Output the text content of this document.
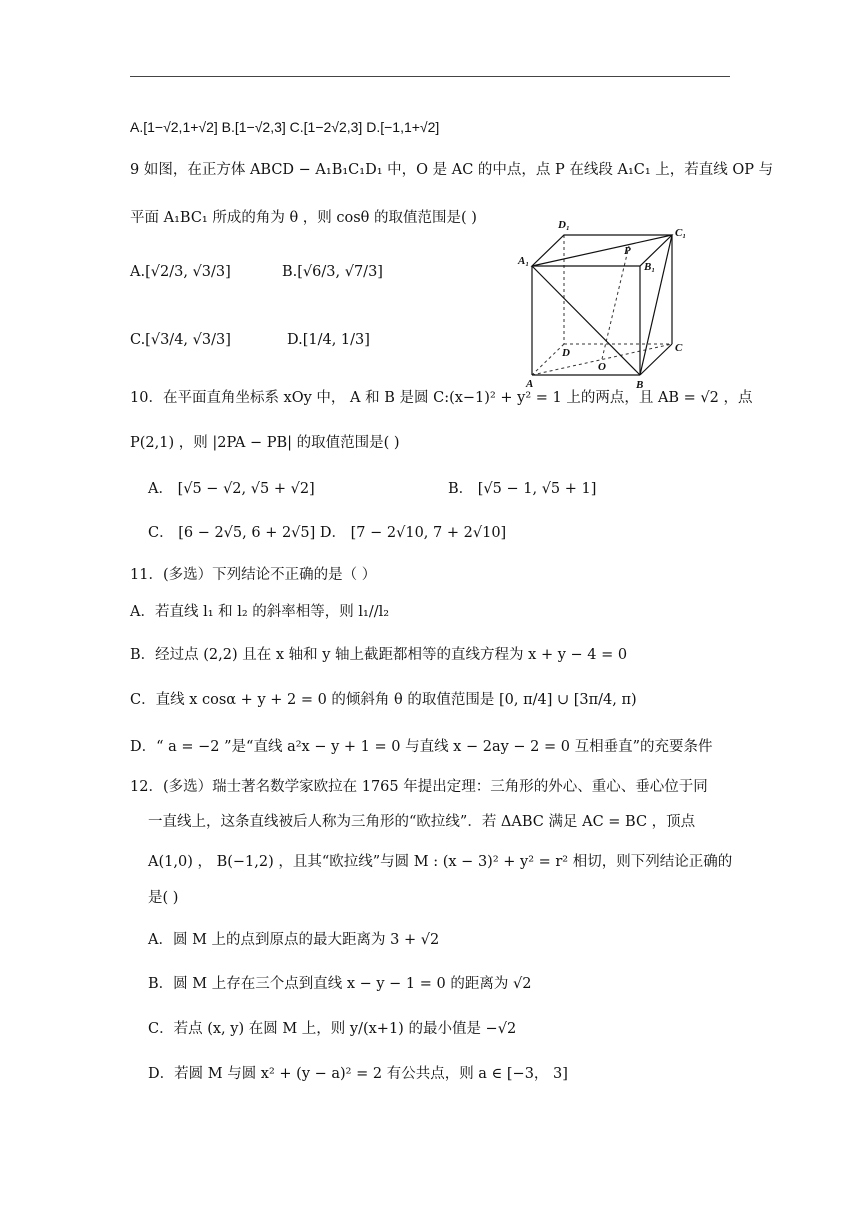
A.[1−√2,1+√2] B.[1−√2,3] C.[1−2√2,3] D.[−1,1+√2]
9 如图，在正方体 ABCD − A₁B₁C₁D₁ 中，O 是 AC 的中点，点 P 在线段 A₁C₁ 上，若直线 OP 与
平面 A₁BC₁ 所成的角为 θ ，则 cosθ 的取值范围是( )
A.[√2/3, √3/3]	B.[√6/3, √7/3]
C.[√3/4, √3/3]	D.[1/4, 1/3]
D₁
C₁
A₁	B₁
P
D	C
O
A	B
10．在平面直角坐标系 xOy 中， A 和 B 是圆 C:(x−1)² + y² = 1 上的两点，且 AB = √2 ，点
P(2,1) ，则 |2PA − PB| 的取值范围是( )
A． [√5 − √2, √5 + √2]	B． [√5 − 1, √5 + 1]
C． [6 − 2√5, 6 + 2√5] D． [7 − 2√10, 7 + 2√10]
11．(多选）下列结论不正确的是（ ）
A．若直线 l₁ 和 l₂ 的斜率相等，则 l₁//l₂
B．经过点 (2,2) 且在 x 轴和 y 轴上截距都相等的直线方程为 x + y − 4 = 0
C．直线 x cosα + y + 2 = 0 的倾斜角 θ 的取值范围是 [0, π/4] ∪ [3π/4, π)
D．“ a = −2 ”是“直线 a²x − y + 1 = 0 与直线 x − 2ay − 2 = 0 互相垂直”的充要条件
12．(多选）瑞士著名数学家欧拉在 1765 年提出定理：三角形的外心、重心、垂心位于同
一直线上，这条直线被后人称为三角形的“欧拉线”．若 ΔABC 满足 AC = BC ，顶点
A(1,0) ， B(−1,2) ，且其“欧拉线”与圆 M : (x − 3)² + y² = r² 相切，则下列结论正确的
是( )
A．圆 M 上的点到原点的最大距离为 3 + √2
B．圆 M 上存在三个点到直线 x − y − 1 = 0 的距离为 √2
C．若点 (x, y) 在圆 M 上，则 y/(x+1) 的最小值是 −√2
D．若圆 M 与圆 x² + (y − a)² = 2 有公共点，则 a ∈ [−3， 3]
